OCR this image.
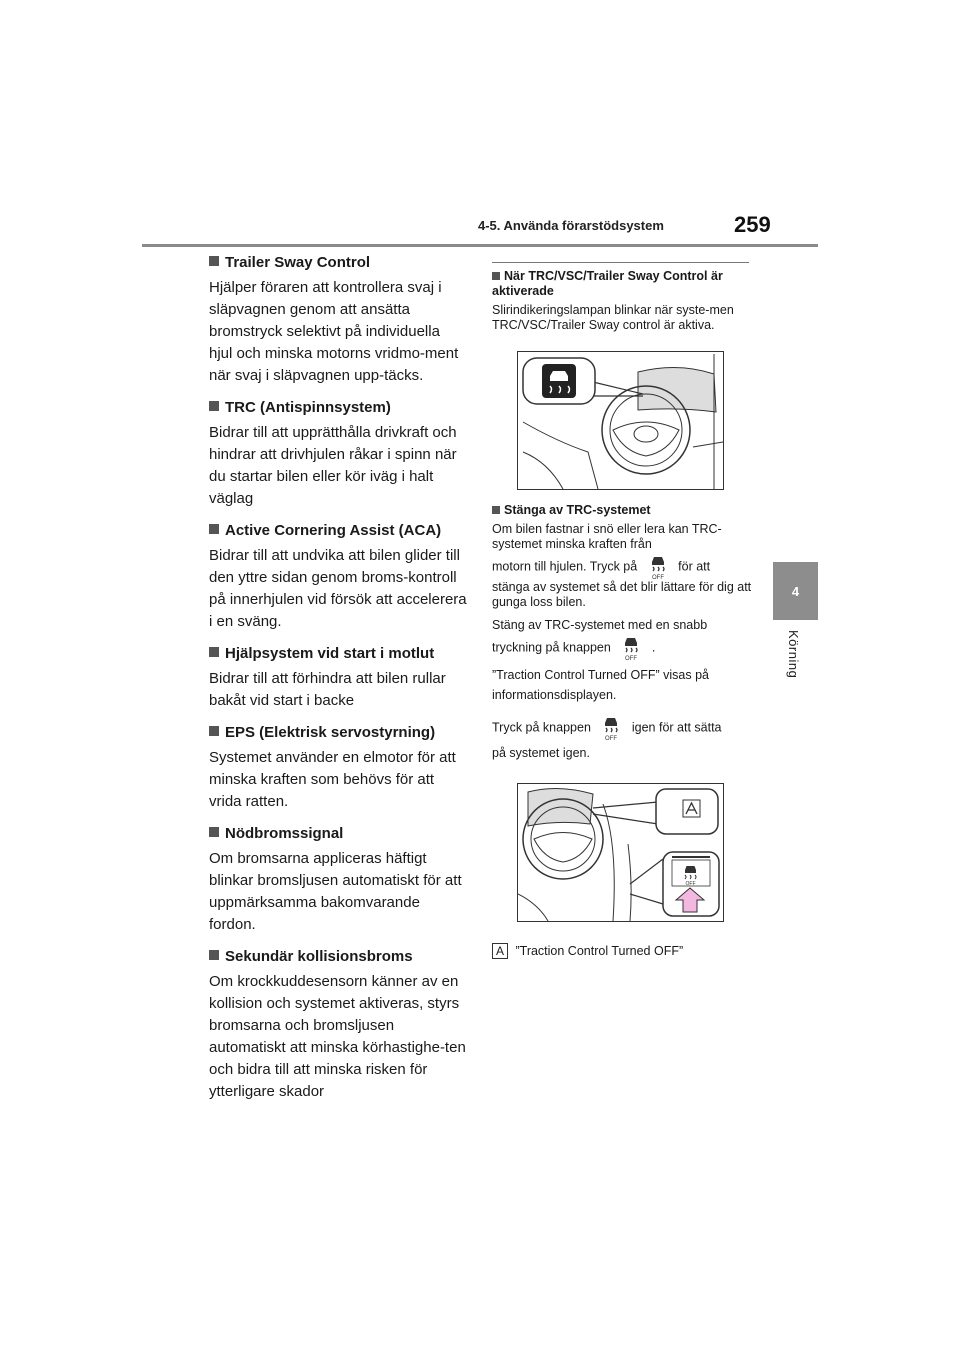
4-5. Använda förarstödsystem	259
4
Körning

Trailer Sway Control

Hjälper föraren att kontrollera svaj i släpvagnen genom att ansätta bromstryck selektivt på individuella hjul och minska motorns vridmo-ment när svaj i släpvagnen upp-täcks.

TRC (Antispinnsystem)

Bidrar till att upprätthålla drivkraft och hindrar att drivhjulen råkar i spinn när du startar bilen eller kör iväg i halt väglag

Active Cornering Assist (ACA)

Bidrar till att undvika att bilen glider till den yttre sidan genom broms-kontroll på innerhjulen vid försök att accelerera i en sväng.

Hjälpsystem vid start i motlut

Bidrar till att förhindra att bilen rullar bakåt vid start i backe

EPS (Elektrisk servostyrning)

Systemet använder en elmotor för att minska kraften som behövs för att vrida ratten.

Nödbromssignal

Om bromsarna appliceras häftigt blinkar bromsljusen automatiskt för att uppmärksamma bakomvarande fordon.

Sekundär kollisionsbroms

Om krockkuddesensorn känner av en kollision och systemet aktiveras, styrs bromsarna och bromsljusen automatiskt att minska körhastighe-ten och bidra till att minska risken för ytterligare skador

När TRC/VSC/Trailer Sway Control är aktiverade

Slirindikeringslampan blinkar när syste-men TRC/VSC/Trailer Sway control är aktiva.

Stänga av TRC-systemet

Om bilen fastnar i snö eller lera kan TRC-systemet minska kraften från

motorn till hjulen. Tryck på
OFF
för att

stänga av systemet så det blir lättare för dig att gunga loss bilen.

Stäng av TRC-systemet med en snabb

tryckning på knappen
OFF
.

”Traction Control Turned OFF” visas på informationsdisplayen.

Tryck på knappen
OFF
igen för att sätta

på systemet igen.

OFF

A ”Traction Control Turned OFF”
